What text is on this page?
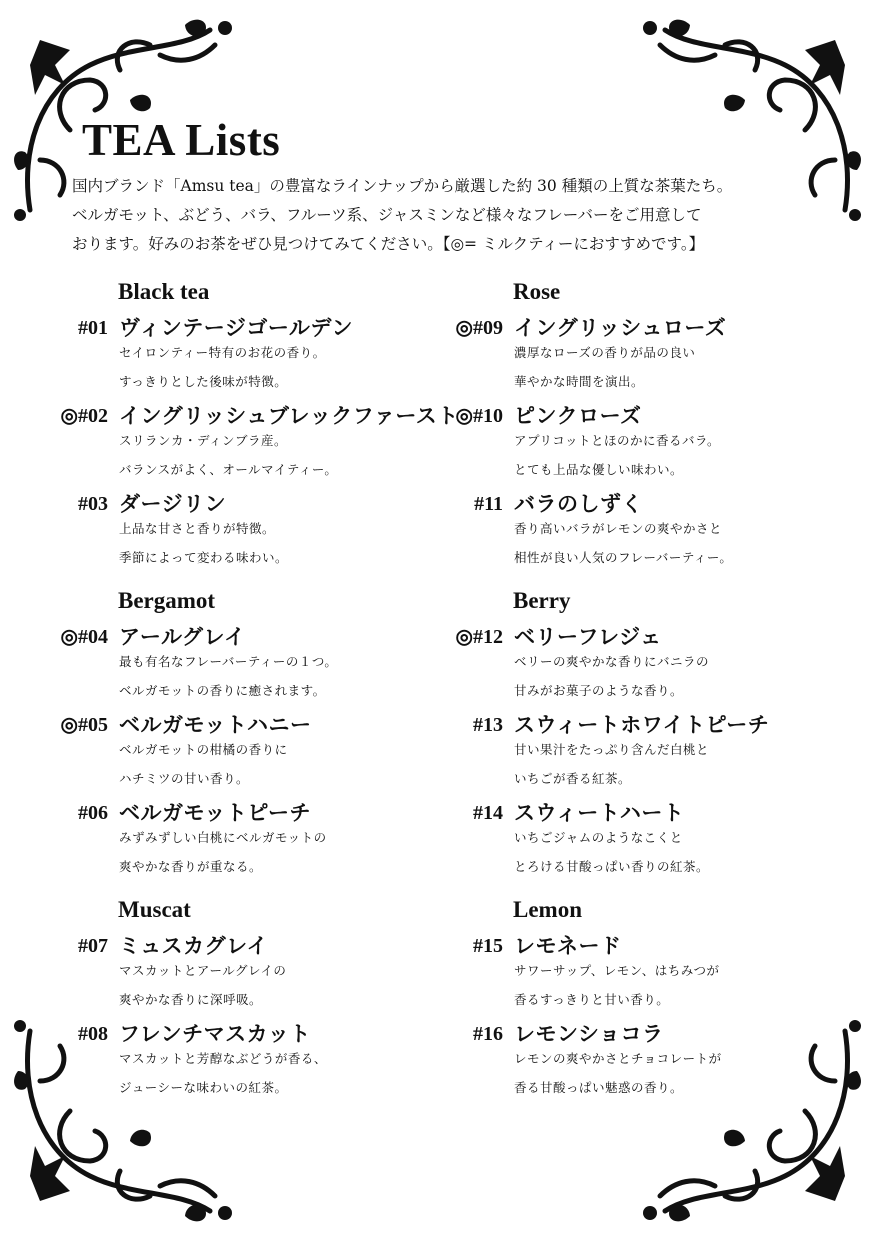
TEA Lists

国内ブランド「Amsu tea」の豊富なラインナップから厳選した約 30 種類の上質な茶葉たち。

ベルガモット、ぶどう、バラ、フルーツ系、ジャスミンなど様々なフレーバーをご用意して

おります。好みのお茶をぜひ見つけてみてください。【◎= ミルクティーにおすすめです。】

Black tea
#01 ヴィンテージゴールデン
セイロンティー特有のお花の香り。
すっきりとした後味が特徴。
◎#02 イングリッシュブレックファースト
スリランカ・ディンブラ産。
バランスがよく、オールマイティー。
#03 ダージリン
上品な甘さと香りが特徴。
季節によって変わる味わい。
Bergamot
◎#04 アールグレイ
最も有名なフレーバーティーの１つ。
ベルガモットの香りに癒されます。
◎#05 ベルガモットハニー
ベルガモットの柑橘の香りに
ハチミツの甘い香り。
#06 ベルガモットピーチ
みずみずしい白桃にベルガモットの
爽やかな香りが重なる。
Muscat
#07 ミュスカグレイ
マスカットとアールグレイの
爽やかな香りに深呼吸。
#08 フレンチマスカット
マスカットと芳醇なぶどうが香る、
ジューシーな味わいの紅茶。
Rose
◎#09 イングリッシュローズ
濃厚なローズの香りが品の良い
華やかな時間を演出。
◎#10 ピンクローズ
アプリコットとほのかに香るバラ。
とても上品な優しい味わい。
#11 バラのしずく
香り高いバラがレモンの爽やかさと
相性が良い人気のフレーバーティー。
Berry
◎#12 ベリーフレジェ
ベリーの爽やかな香りにバニラの
甘みがお菓子のような香り。
#13 スウィートホワイトピーチ
甘い果汁をたっぷり含んだ白桃と
いちごが香る紅茶。
#14 スウィートハート
いちごジャムのようなこくと
とろける甘酸っぱい香りの紅茶。
Lemon
#15 レモネード
サワーサップ、レモン、はちみつが
香るすっきりと甘い香り。
#16 レモンショコラ
レモンの爽やかさとチョコレートが
香る甘酸っぱい魅惑の香り。
